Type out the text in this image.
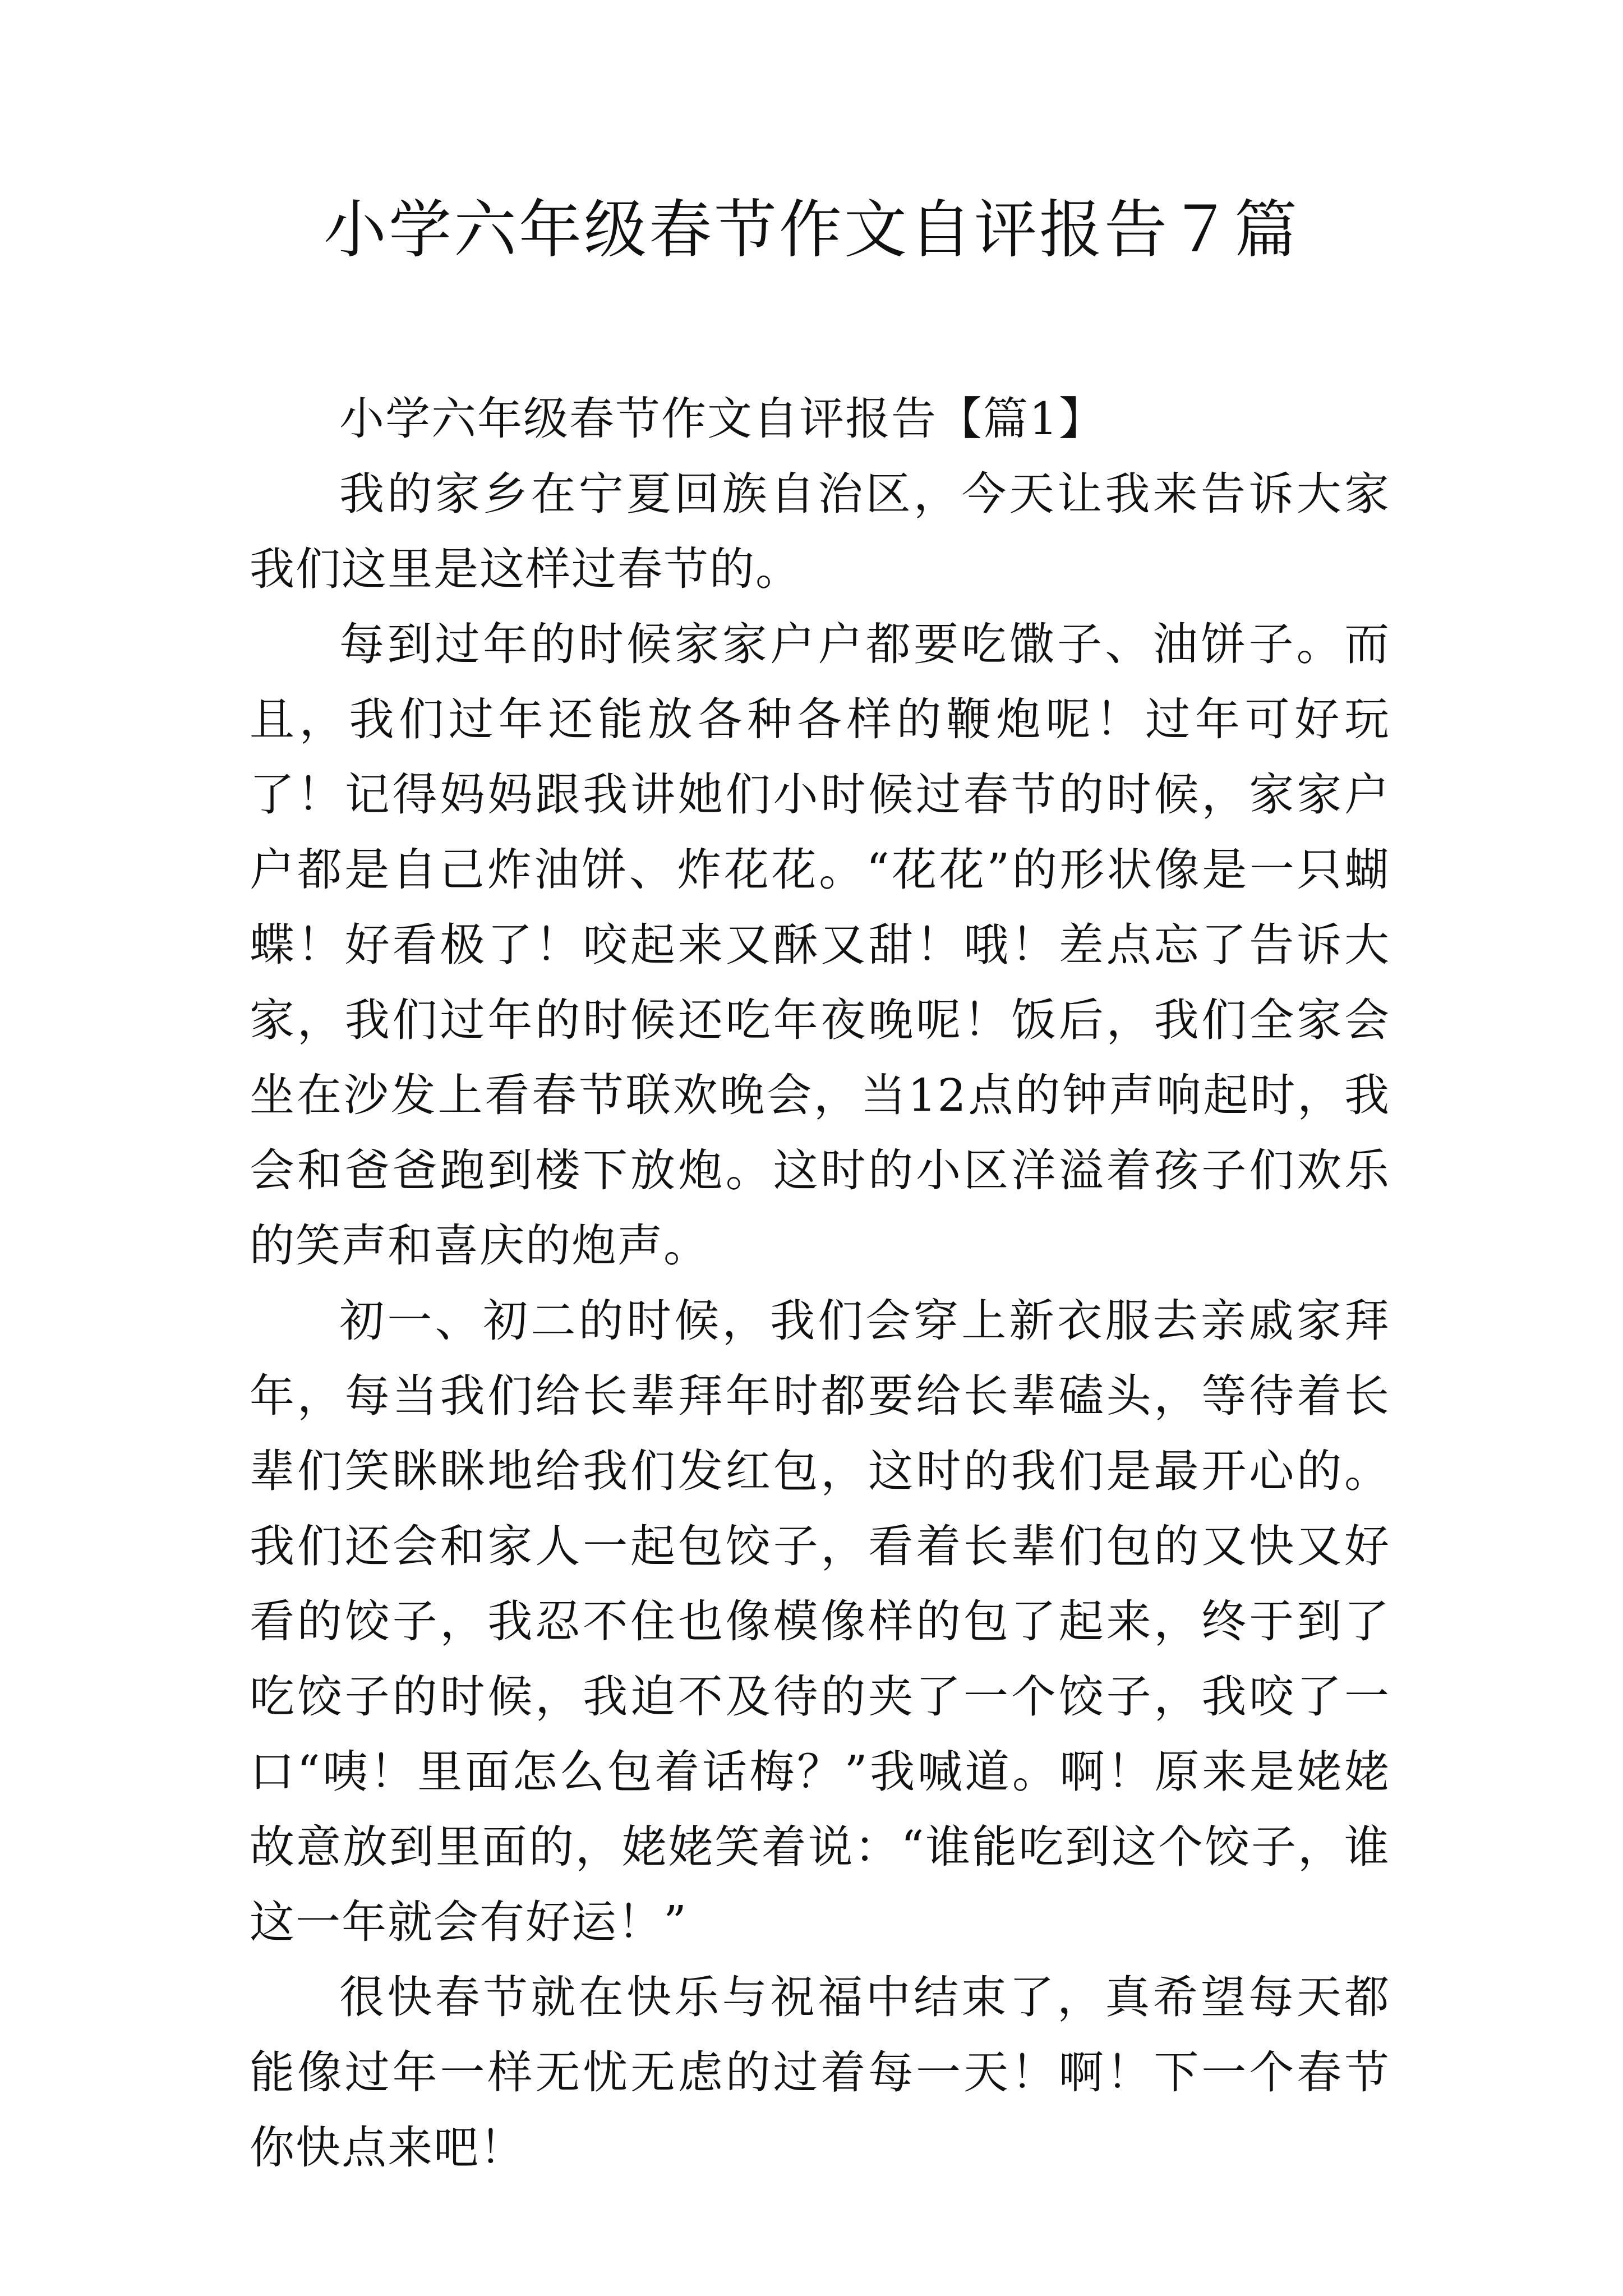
小学六年级春节作文自评报告７篇

小学六年级春节作文自评报告【篇1】

我的家乡在宁夏回族自治区，今天让我来告诉大家我们这里是这样过春节的。

每到过年的时候家家户户都要吃馓子、油饼子。而且，我们过年还能放各种各样的鞭炮呢！过年可好玩了！记得妈妈跟我讲她们小时候过春节的时候，家家户户都是自己炸油饼、炸花花。“花花”的形状像是一只蝴蝶！好看极了！咬起来又酥又甜！哦！差点忘了告诉大家，我们过年的时候还吃年夜晚呢！饭后，我们全家会坐在沙发上看春节联欢晚会，当12点的钟声响起时，我会和爸爸跑到楼下放炮。这时的小区洋溢着孩子们欢乐的笑声和喜庆的炮声。

初一、初二的时候，我们会穿上新衣服去亲戚家拜年，每当我们给长辈拜年时都要给长辈磕头，等待着长辈们笑眯眯地给我们发红包，这时的我们是最开心的。我们还会和家人一起包饺子，看着长辈们包的又快又好看的饺子，我忍不住也像模像样的包了起来，终于到了吃饺子的时候，我迫不及待的夹了一个饺子，我咬了一口“咦！里面怎么包着话梅？”我喊道。啊！原来是姥姥故意放到里面的，姥姥笑着说：“谁能吃到这个饺子，谁这一年就会有好运！”

很快春节就在快乐与祝福中结束了，真希望每天都能像过年一样无忧无虑的过着每一天！啊！下一个春节你快点来吧！
